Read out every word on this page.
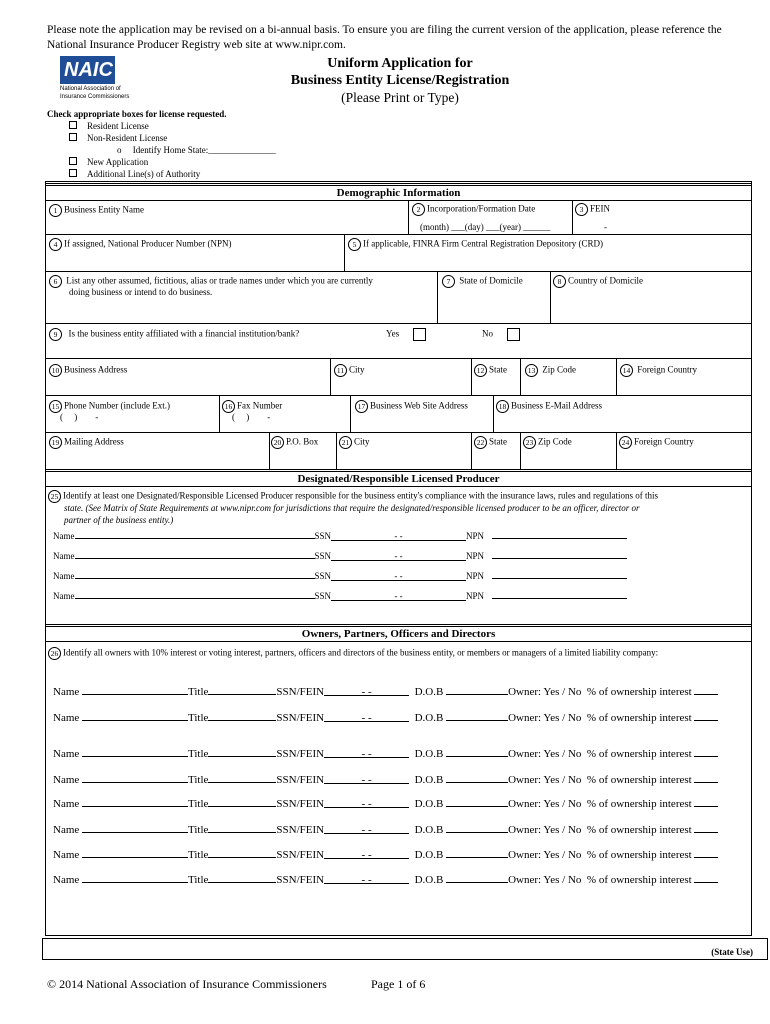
Please note the application may be revised on a bi-annual basis. To ensure you are filing the current version of the application, please reference the National Insurance Producer Registry web site at www.nipr.com.
NAIC
National Association of
Insurance Commissioners
Uniform Application for
Business Entity License/Registration
(Please Print or Type)
Check appropriate boxes for license requested.
Resident License
Non-Resident License
o     Identify Home State:_______________
New Application
Additional Line(s) of Authority
Demographic Information
1 Business Entity Name	2 Incorporation/Formation Date
(month) ___(day) ___(year) ______
3 FEIN
-
4 If assigned, National Producer Number (NPN)	5 If applicable, FINRA Firm Central Registration Depository (CRD)
6 List any other assumed, fictitious, alias or trade names under which you are currently
doing business or intend to do business.
7 State of Domicile	8 Country of Domicile
9 Is the business entity affiliated with a financial institution/bank?	Yes	No
10 Business Address	11 City	12 State	13 Zip Code	14 Foreign Country
15 Phone Number (include Ext.)
(     )        -
16 Fax Number
(     )        -
17 Business Web Site Address	18 Business E-Mail Address
19 Mailing Address	20 P.O. Box	21 City	22 State	23 Zip Code	24 Foreign Country
Designated/Responsible Licensed Producer
25 Identify at least one Designated/Responsible Licensed Producer responsible for the business entity's compliance with the insurance laws, rules and regulations of this
state. (See Matrix of State Requirements at www.nipr.com for jurisdictions that require the designated/responsible licensed producer to be an officer, director or
partner of the business entity.)
Name	SSN	- -	NPN
Name	SSN	- -	NPN
Name	SSN	- -	NPN
Name	SSN	- -	NPN
Owners, Partners, Officers and Directors
26 Identify all owners with 10% interest or voting interest, partners, officers and directors of the business entity, or members or managers of a limited liability company:
Name	Title	SSN/FEIN	- -	D.O.B	Owner: Yes / No % of ownership interest
Name	Title	SSN/FEIN	- -	D.O.B	Owner: Yes / No % of ownership interest
Name	Title	SSN/FEIN	- -	D.O.B	Owner: Yes / No % of ownership interest
Name	Title	SSN/FEIN	- -	D.O.B	Owner: Yes / No % of ownership interest
Name	Title	SSN/FEIN	- -	D.O.B	Owner: Yes / No % of ownership interest
Name	Title	SSN/FEIN	- -	D.O.B	Owner: Yes / No % of ownership interest
Name	Title	SSN/FEIN	- -	D.O.B	Owner: Yes / No % of ownership interest
Name	Title	SSN/FEIN	- -	D.O.B	Owner: Yes / No % of ownership interest
(State Use)
© 2014 National Association of Insurance Commissioners	Page 1 of 6
